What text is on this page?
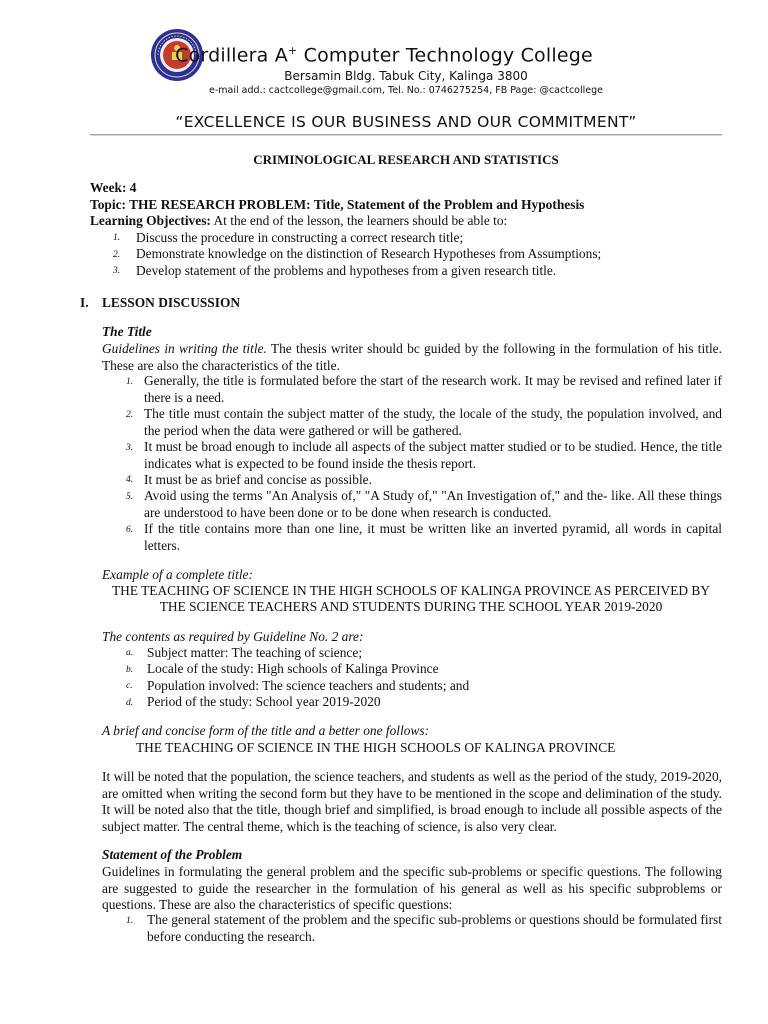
Cordillera A+ Computer Technology College
Bersamin Bldg. Tabuk City, Kalinga 3800
e-mail add.: cactcollege@gmail.com, Tel. No.: 0746275254, FB Page: @cactcollege
“EXCELLENCE IS OUR BUSINESS AND OUR COMMITMENT”
CRIMINOLOGICAL RESEARCH AND STATISTICS
Week: 4
Topic: THE RESEARCH PROBLEM: Title, Statement of the Problem and Hypothesis
Learning Objectives: At the end of the lesson, the learners should be able to:
1. Discuss the procedure in constructing a correct research title;
2. Demonstrate knowledge on the distinction of Research Hypotheses from Assumptions;
3. Develop statement of the problems and hypotheses from a given research title.
I. LESSON DISCUSSION
The Title
Guidelines in writing the title. The thesis writer should bc guided by the following in the formulation of his title. These are also the characteristics of the title.
1. Generally, the title is formulated before the start of the research work. It may be revised and refined later if there is a need.
2. The title must contain the subject matter of the study, the locale of the study, the population involved, and the period when the data were gathered or will be gathered.
3. It must be broad enough to include all aspects of the subject matter studied or to be studied. Hence, the title indicates what is expected to be found inside the thesis report.
4. It must be as brief and concise as possible.
5. Avoid using the terms "An Analysis of," "A Study of," "An Investigation of," and the- like. All these things are understood to have been done or to be done when research is conducted.
6. If the title contains more than one line, it must be written like an inverted pyramid, all words in capital letters.
Example of a complete title:
THE TEACHING OF SCIENCE IN THE HIGH SCHOOLS OF KALINGA PROVINCE AS PERCEIVED BY
THE SCIENCE TEACHERS AND STUDENTS DURING THE SCHOOL YEAR 2019-2020
The contents as required by Guideline No. 2 are:
a. Subject matter: The teaching of science;
b. Locale of the study: High schools of Kalinga Province
c. Population involved: The science teachers and students; and
d. Period of the study: School year 2019-2020
A brief and concise form of the title and a better one follows:
THE TEACHING OF SCIENCE IN THE HIGH SCHOOLS OF KALINGA PROVINCE
It will be noted that the population, the science teachers, and students as well as the period of the study, 2019-2020, are omitted when writing the second form but they have to be mentioned in the scope and delimination of the study. It will be noted also that the title, though brief and simplified, is broad enough to include all possible aspects of the subject matter. The central theme, which is the teaching of science, is also very clear.
Statement of the Problem
Guidelines in formulating the general problem and the specific sub-problems or specific questions. The following are suggested to guide the researcher in the formulation of his general as well as his specific subproblems or questions. These are also the characteristics of specific questions:
1. The general statement of the problem and the specific sub-problems or questions should be formulated first before conducting the research.
